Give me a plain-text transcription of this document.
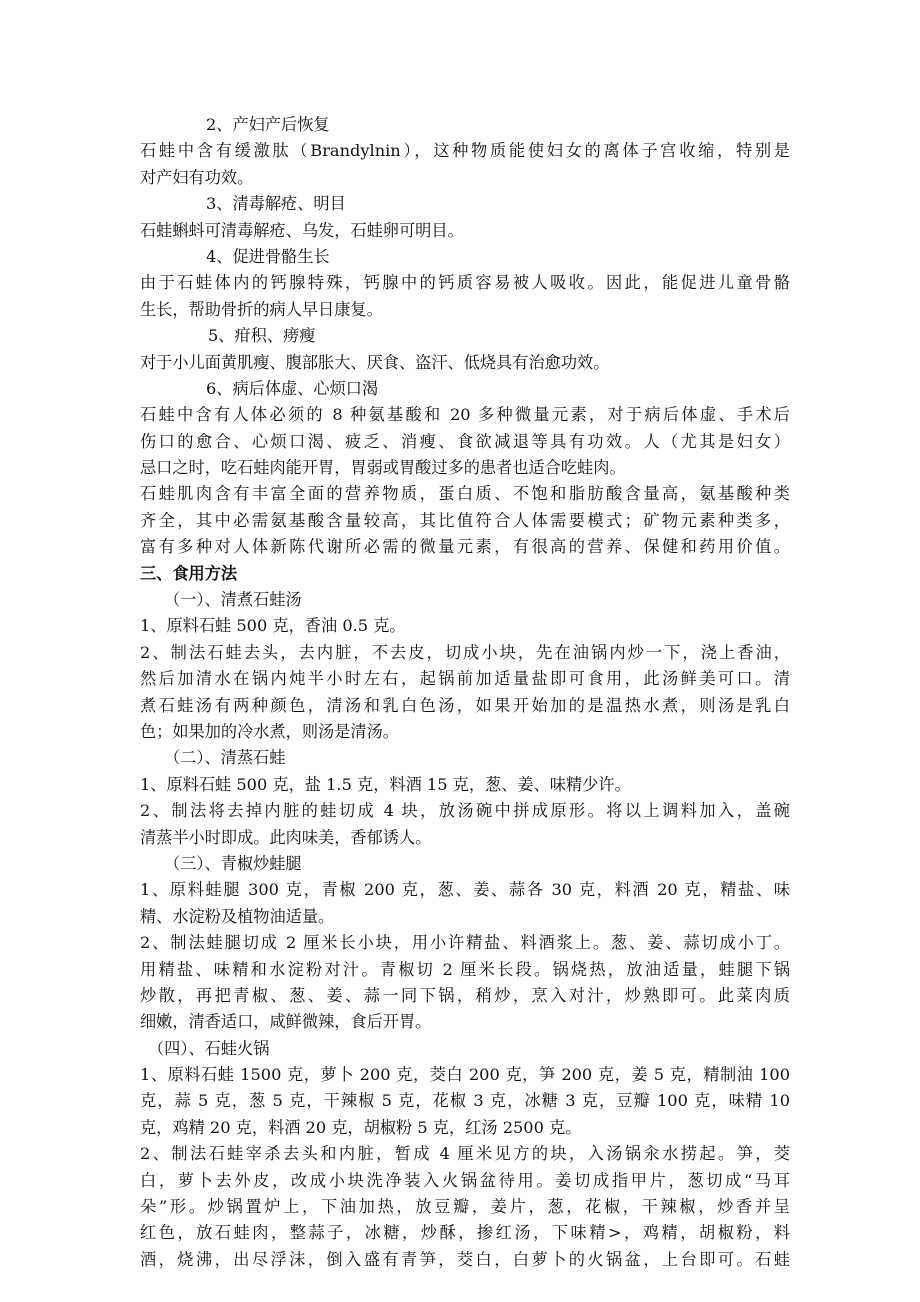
2、产妇产后恢复
石蛙中含有缓激肽（Brandylnin），这种物质能使妇女的离体子宫收缩，特别是
对产妇有功效。
3、清毒解疮、明目
石蛙蝌蚪可清毒解疮、乌发，石蛙卵可明目。
4、促进骨骼生长
由于石蛙体内的钙腺特殊，钙腺中的钙质容易被人吸收。因此，能促进儿童骨骼
生长，帮助骨折的病人早日康复。
5、疳积、痨瘦
对于小儿面黄肌瘦、腹部胀大、厌食、盗汗、低烧具有治愈功效。
6、病后体虚、心烦口渴
石蛙中含有人体必须的 8 种氨基酸和 20 多种微量元素，对于病后体虚、手术后
伤口的愈合、心烦口渴、疲乏、消瘦、食欲减退等具有功效。人（尤其是妇女）
忌口之时，吃石蛙肉能开胃，胃弱或胃酸过多的患者也适合吃蛙肉。
石蛙肌肉含有丰富全面的营养物质，蛋白质、不饱和脂肪酸含量高，氨基酸种类
齐全，其中必需氨基酸含量较高，其比值符合人体需要模式；矿物元素种类多，
富有多种对人体新陈代谢所必需的微量元素，有很高的营养、保健和药用价值。
三、食用方法
（一）、清煮石蛙汤
1、原料石蛙 500 克，香油 0.5 克。
2、制法石蛙去头，去内脏，不去皮，切成小块，先在油锅内炒一下，浇上香油，
然后加清水在锅内炖半小时左右，起锅前加适量盐即可食用，此汤鲜美可口。清
煮石蛙汤有两种颜色，清汤和乳白色汤，如果开始加的是温热水煮，则汤是乳白
色；如果加的冷水煮，则汤是清汤。
（二）、清蒸石蛙
1、原料石蛙 500 克，盐 1.5 克，料酒 15 克，葱、姜、味精少许。
2、制法将去掉内脏的蛙切成 4 块，放汤碗中拼成原形。将以上调料加入，盖碗
清蒸半小时即成。此肉味美，香郁诱人。
（三）、青椒炒蛙腿
1、原料蛙腿 300 克，青椒 200 克，葱、姜、蒜各 30 克，料酒 20 克，精盐、味
精、水淀粉及植物油适量。
2、制法蛙腿切成 2 厘米长小块，用小许精盐、料酒浆上。葱、姜、蒜切成小丁。
用精盐、味精和水淀粉对汁。青椒切 2 厘米长段。锅烧热，放油适量，蛙腿下锅
炒散，再把青椒、葱、姜、蒜一同下锅，稍炒，烹入对汁，炒熟即可。此菜肉质
细嫩，清香适口，咸鲜微辣，食后开胃。
（四）、石蛙火锅
1、原料石蛙 1500 克，萝卜 200 克，茭白 200 克，笋 200 克，姜 5 克，精制油 100
克，蒜 5 克，葱 5 克，干辣椒 5 克，花椒 3 克，冰糖 3 克，豆瓣 100 克，味精 10
克，鸡精 20 克，料酒 20 克，胡椒粉 5 克，红汤 2500 克。
2、制法石蛙宰杀去头和内脏，暂成 4 厘米见方的块，入汤锅汆水捞起。笋，茭
白，萝卜去外皮，改成小块洗净装入火锅盆待用。姜切成指甲片，葱切成“马耳
朵”形。炒锅置炉上，下油加热，放豆瓣，姜片，葱，花椒，干辣椒，炒香并呈
红色，放石蛙肉，整蒜子，冰糖，炒酥，掺红汤，下味精>，鸡精，胡椒粉，料
酒，烧沸，出尽浮沫，倒入盛有青笋，茭白，白萝卜的火锅盆，上台即可。石蛙
